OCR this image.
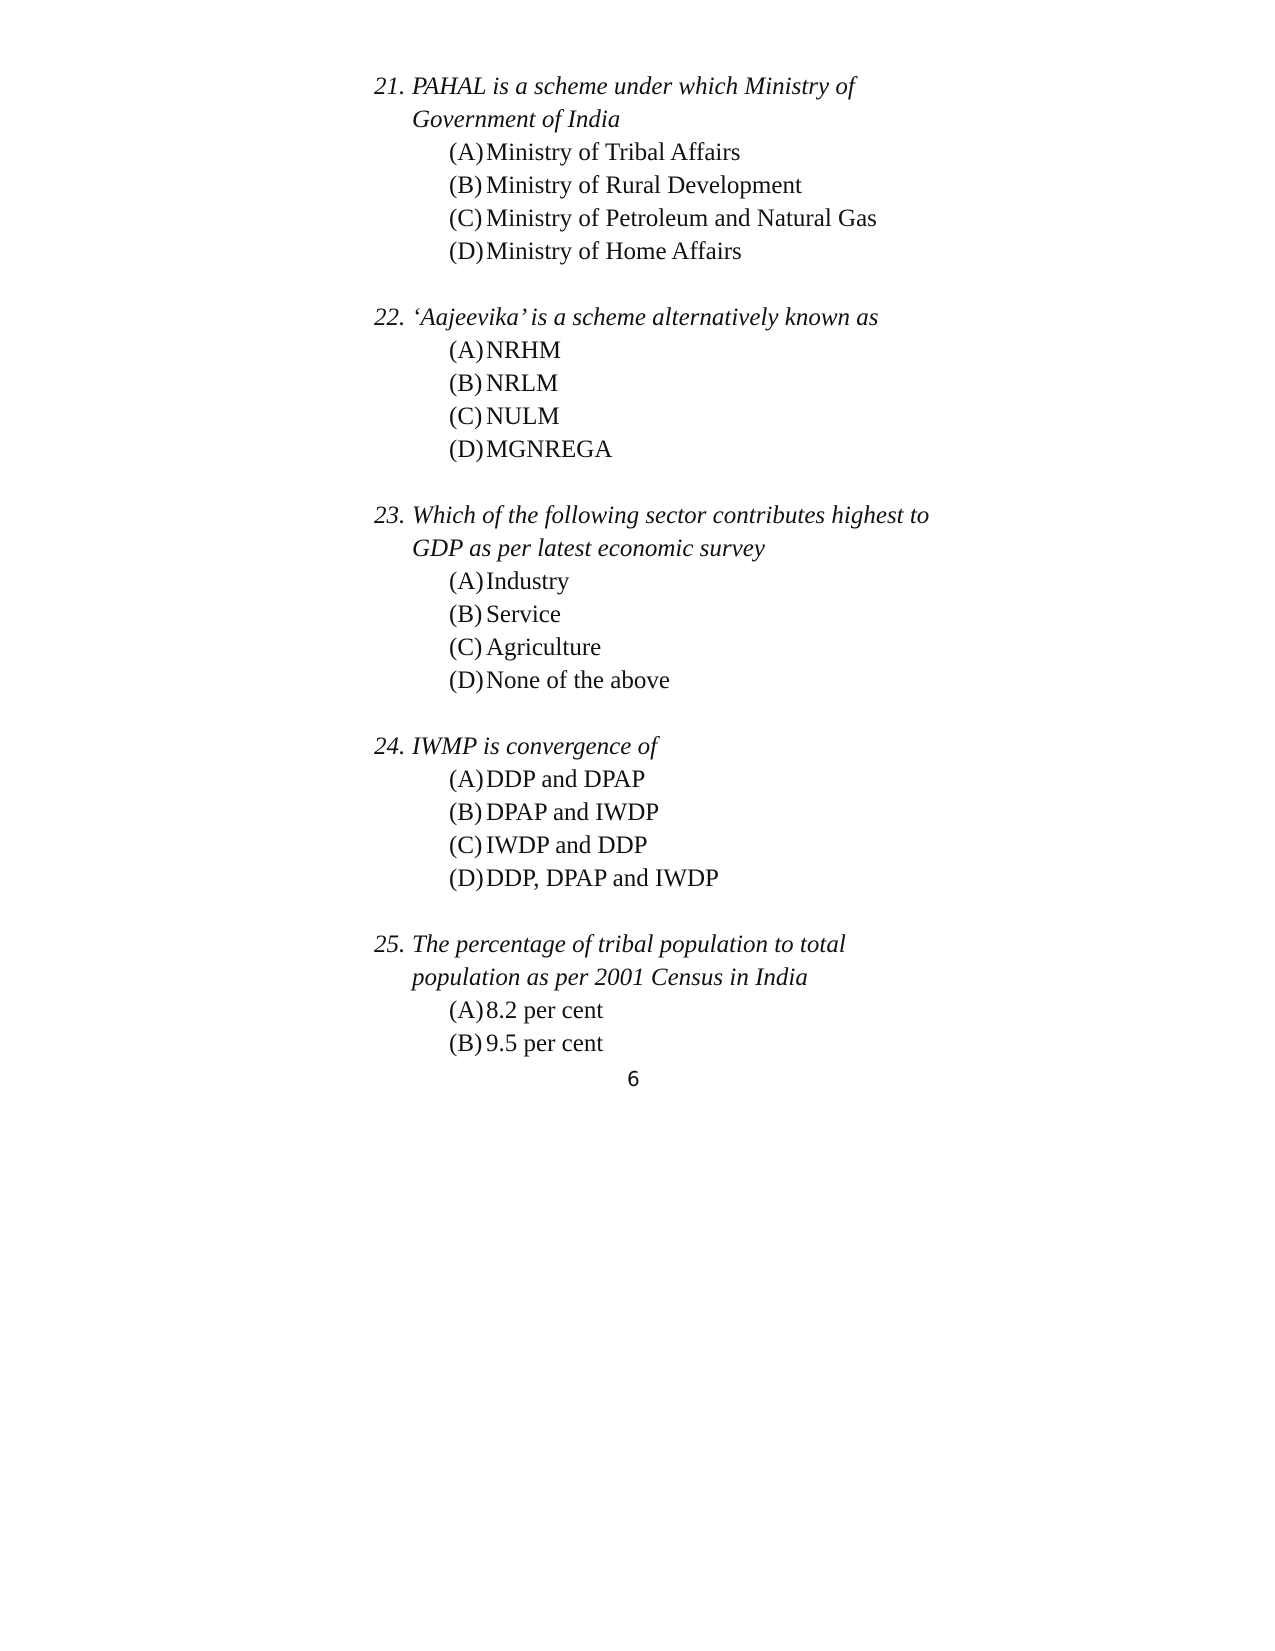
21. PAHAL is a scheme under which Ministry of Government of India
(A) Ministry of Tribal Affairs
(B) Ministry of Rural Development
(C) Ministry of Petroleum and Natural Gas
(D) Ministry of Home Affairs
22. ‘Aajeevika’ is a scheme alternatively known as
(A) NRHM
(B) NRLM
(C) NULM
(D) MGNREGA
23. Which of the following sector contributes highest to GDP as per latest economic survey
(A) Industry
(B) Service
(C) Agriculture
(D) None of the above
24. IWMP is convergence of
(A) DDP and DPAP
(B) DPAP and IWDP
(C) IWDP and DDP
(D) DDP, DPAP and IWDP
25. The percentage of tribal population to total population as per 2001 Census in India
(A) 8.2 per cent
(B) 9.5 per cent
6
